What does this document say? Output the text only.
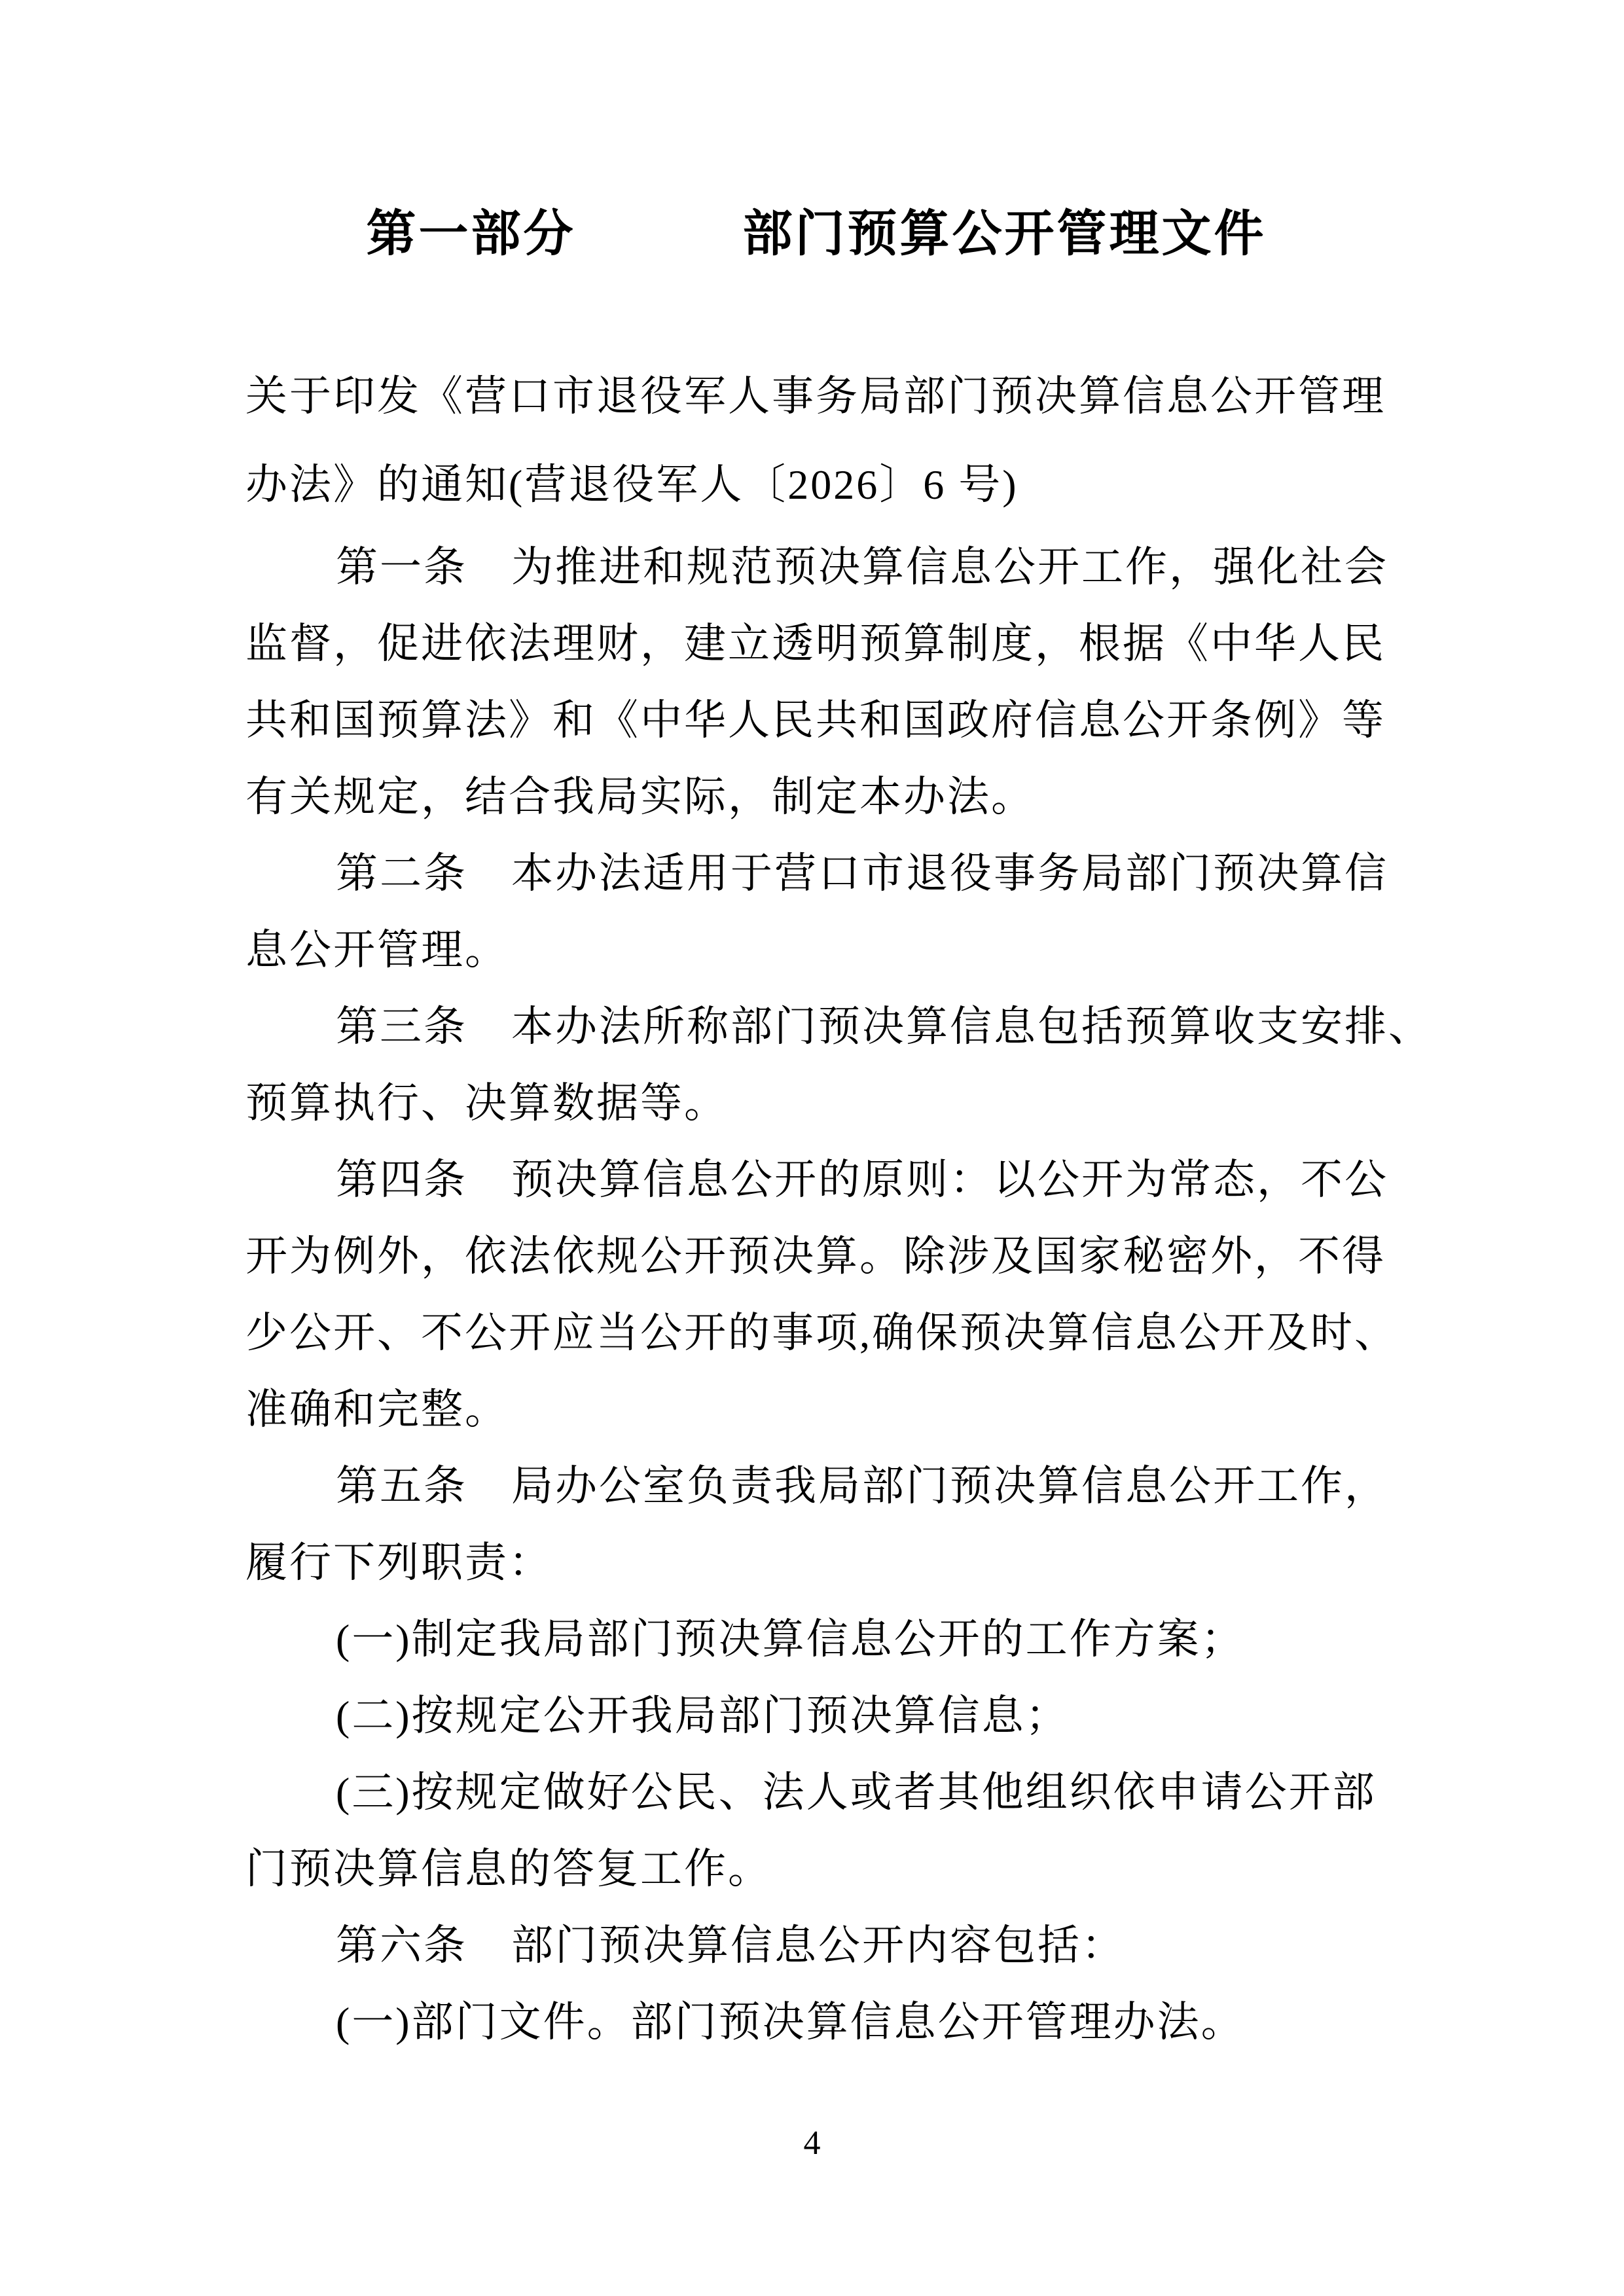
第一部分	部门预算公开管理文件
关于印发《营口市退役军人事务局部门预决算信息公开管理
办法》的通知(营退役军人〔2026〕6 号)
第一条　为推进和规范预决算信息公开工作，强化社会
监督，促进依法理财，建立透明预算制度，根据《中华人民
共和国预算法》和《中华人民共和国政府信息公开条例》等
有关规定，结合我局实际，制定本办法。
第二条　本办法适用于营口市退役事务局部门预决算信
息公开管理。
第三条　本办法所称部门预决算信息包括预算收支安排、
预算执行、决算数据等。
第四条　预决算信息公开的原则：以公开为常态，不公
开为例外，依法依规公开预决算。除涉及国家秘密外，不得
少公开、不公开应当公开的事项,确保预决算信息公开及时、
准确和完整。
第五条　局办公室负责我局部门预决算信息公开工作，
履行下列职责：
(一)制定我局部门预决算信息公开的工作方案；
(二)按规定公开我局部门预决算信息；
(三)按规定做好公民、法人或者其他组织依申请公开部
门预决算信息的答复工作。
第六条　部门预决算信息公开内容包括：
(一)部门文件。部门预决算信息公开管理办法。
4
